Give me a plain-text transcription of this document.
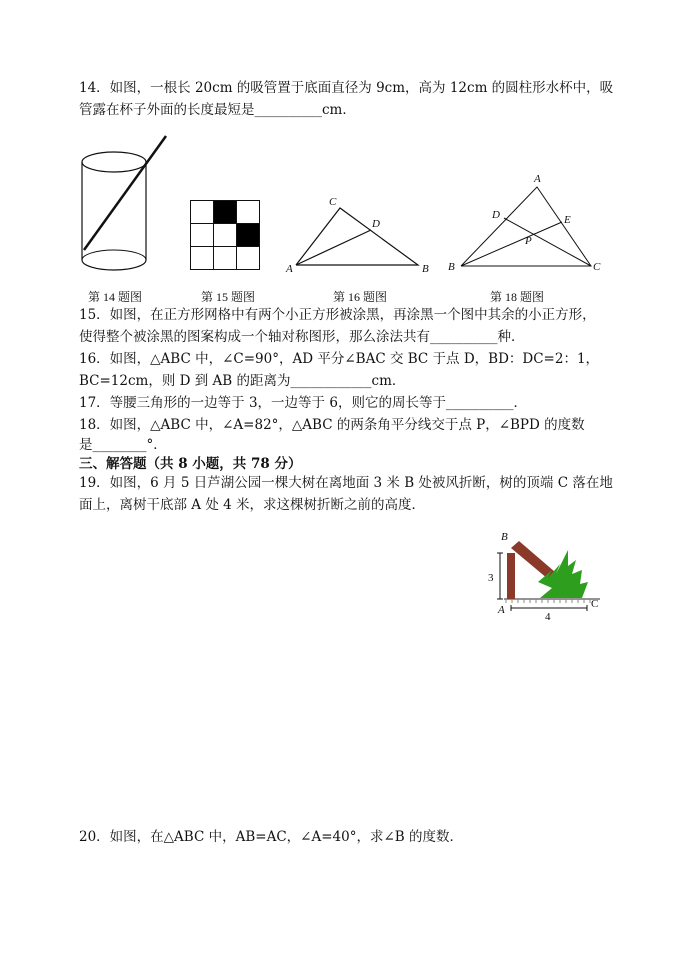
14．如图，一根长 20cm 的吸管置于底面直径为 9cm，高为 12cm 的圆柱形水杯中，吸
管露在杯子外面的长度最短是__________cm．
A	B
C
D
A
B	C
D	E
P
第 14 题图	第 15 题图	第 16 题图	第 18 题图
15．如图，在正方形网格中有两个小正方形被涂黑，再涂黑一个图中其余的小正方形，
使得整个被涂黑的图案构成一个轴对称图形，那么涂法共有__________种．
16．如图，△ABC 中，∠C=90°，AD 平分∠BAC 交 BC 于点 D，BD：DC=2：1，
BC=12cm，则 D 到 AB 的距离为____________cm．
17．等腰三角形的一边等于 3，一边等于 6，则它的周长等于__________．
18．如图，△ABC 中，∠A=82°，△ABC 的两条角平分线交于点 P，∠BPD 的度数
是________°．
三、解答题（共 8 小题，共 78 分）
19．如图，6 月 5 日芦湖公园一棵大树在离地面 3 米 B 处被风折断，树的顶端 C 落在地
面上，离树干底部 A 处 4 米，求这棵树折断之前的高度．
B
A	C
3
4
20．如图，在△ABC 中，AB=AC，∠A=40°，求∠B 的度数．
